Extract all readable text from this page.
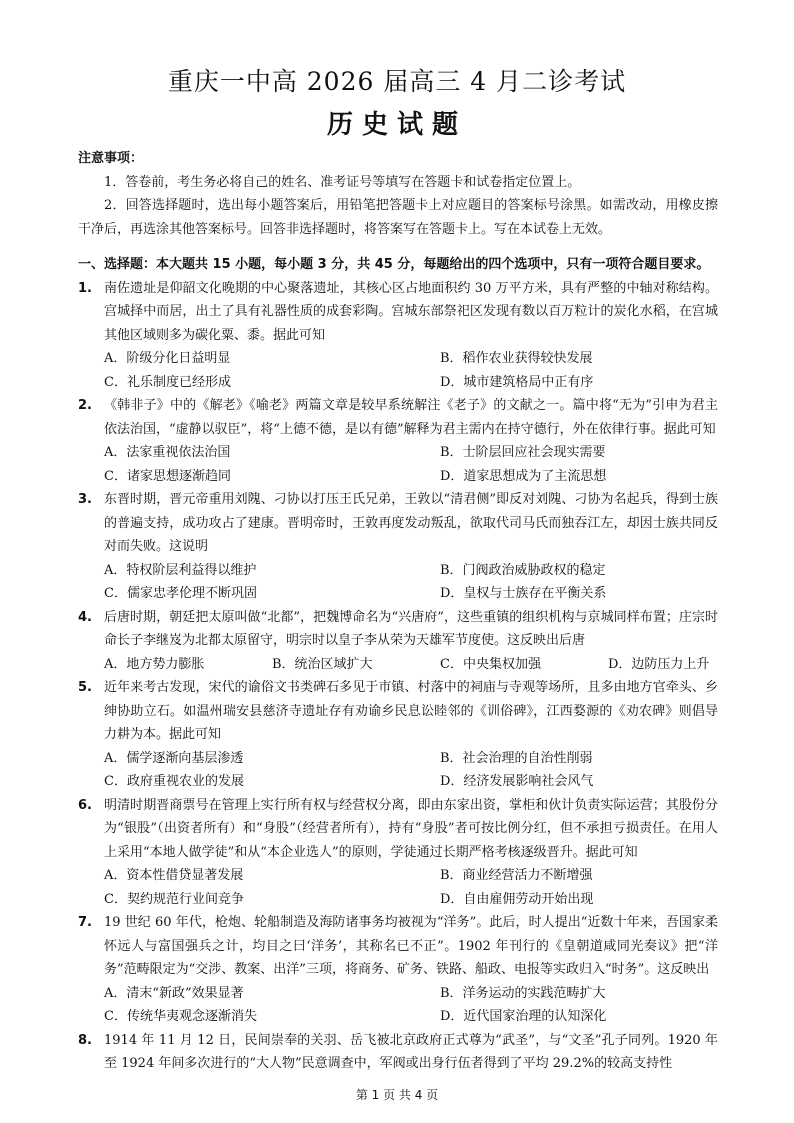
重庆一中高 2026 届高三 4 月二诊考试
历史试题
注意事项：

1．答卷前，考生务必将自己的姓名、准考证号等填写在答题卡和试卷指定位置上。

2．回答选择题时，选出每小题答案后，用铅笔把答题卡上对应题目的答案标号涂黑。如需改动，用橡皮擦干净后，再选涂其他答案标号。回答非选择题时，将答案写在答题卡上。写在本试卷上无效。

一、选择题：本大题共 15 小题，每小题 3 分，共 45 分，每题给出的四个选项中，只有一项符合题目要求。
1. 南佐遗址是仰韶文化晚期的中心聚落遗址，其核心区占地面积约 30 万平方米，具有严整的中轴对称结构。宫城择中而居，出土了具有礼器性质的成套彩陶。宫城东部祭祀区发现有数以百万粒计的炭化水稻，在宫城其他区域则多为碳化粟、黍。据此可知

A．阶级分化日益明显	B．稻作农业获得较快发展
C．礼乐制度已经形成	D．城市建筑格局中正有序
2. 《韩非子》中的《解老》《喻老》两篇文章是较早系统解注《老子》的文献之一。篇中将“无为”引申为君主依法治国，“虚静以驭臣”，将“上德不德，是以有德”解释为君主需内在持守德行，外在依律行事。据此可知

A．法家重视依法治国	B．士阶层回应社会现实需要
C．诸家思想逐渐趋同	D．道家思想成为了主流思想
3. 东晋时期，晋元帝重用刘隗、刁协以打压王氏兄弟，王敦以“清君侧”即反对刘隗、刁协为名起兵，得到士族的普遍支持，成功攻占了建康。晋明帝时，王敦再度发动叛乱，欲取代司马氏而独吞江左，却因士族共同反对而失败。这说明

A．特权阶层利益得以维护	B．门阀政治威胁政权的稳定
C．儒家忠孝伦理不断巩固	D．皇权与士族存在平衡关系
4. 后唐时期，朝廷把太原叫做“北都”，把魏博命名为“兴唐府”，这些重镇的组织机构与京城同样布置；庄宗时命长子李继岌为北都太原留守，明宗时以皇子李从荣为天雄军节度使。这反映出后唐

A．地方势力膨胀	B．统治区域扩大	C．中央集权加强	D．边防压力上升
5. 近年来考古发现，宋代的谕俗文书类碑石多见于市镇、村落中的祠庙与寺观等场所，且多由地方官牵头、乡绅协助立石。如温州瑞安县慈济寺遗址存有劝谕乡民息讼睦邻的《训俗碑》，江西婺源的《劝农碑》则倡导力耕为本。据此可知

A．儒学逐渐向基层渗透	B．社会治理的自治性削弱
C．政府重视农业的发展	D．经济发展影响社会风气
6. 明清时期晋商票号在管理上实行所有权与经营权分离，即由东家出资，掌柜和伙计负责实际运营；其股份分为“银股”（出资者所有）和“身股”（经营者所有），持有“身股”者可按比例分红，但不承担亏损责任。在用人上采用“本地人做学徒”和从“本企业选人”的原则，学徒通过长期严格考核逐级晋升。据此可知

A．资本性借贷显著发展	B．商业经营活力不断增强
C．契约规范行业间竞争	D．自由雇佣劳动开始出现
7. 19 世纪 60 年代，枪炮、轮船制造及海防诸事务均被视为“洋务”。此后，时人提出“近数十年来，吾国家柔怀远人与富国强兵之计，均目之曰‘洋务’，其称名已不正”。1902 年刊行的《皇朝道咸同光奏议》把“洋务”范畴限定为“交涉、教案、出洋”三项，将商务、矿务、铁路、船政、电报等实政归入“时务”。这反映出

A．清末“新政”效果显著	B．洋务运动的实践范畴扩大
C．传统华夷观念逐渐消失	D．近代国家治理的认知深化
8. 1914 年 11 月 12 日，民间崇奉的关羽、岳飞被北京政府正式尊为“武圣”，与“文圣”孔子同列。1920 年至 1924 年间多次进行的“大人物”民意调查中，军阀或出身行伍者得到了平均 29.2%的较高支持性

第 1 页 共 4 页
